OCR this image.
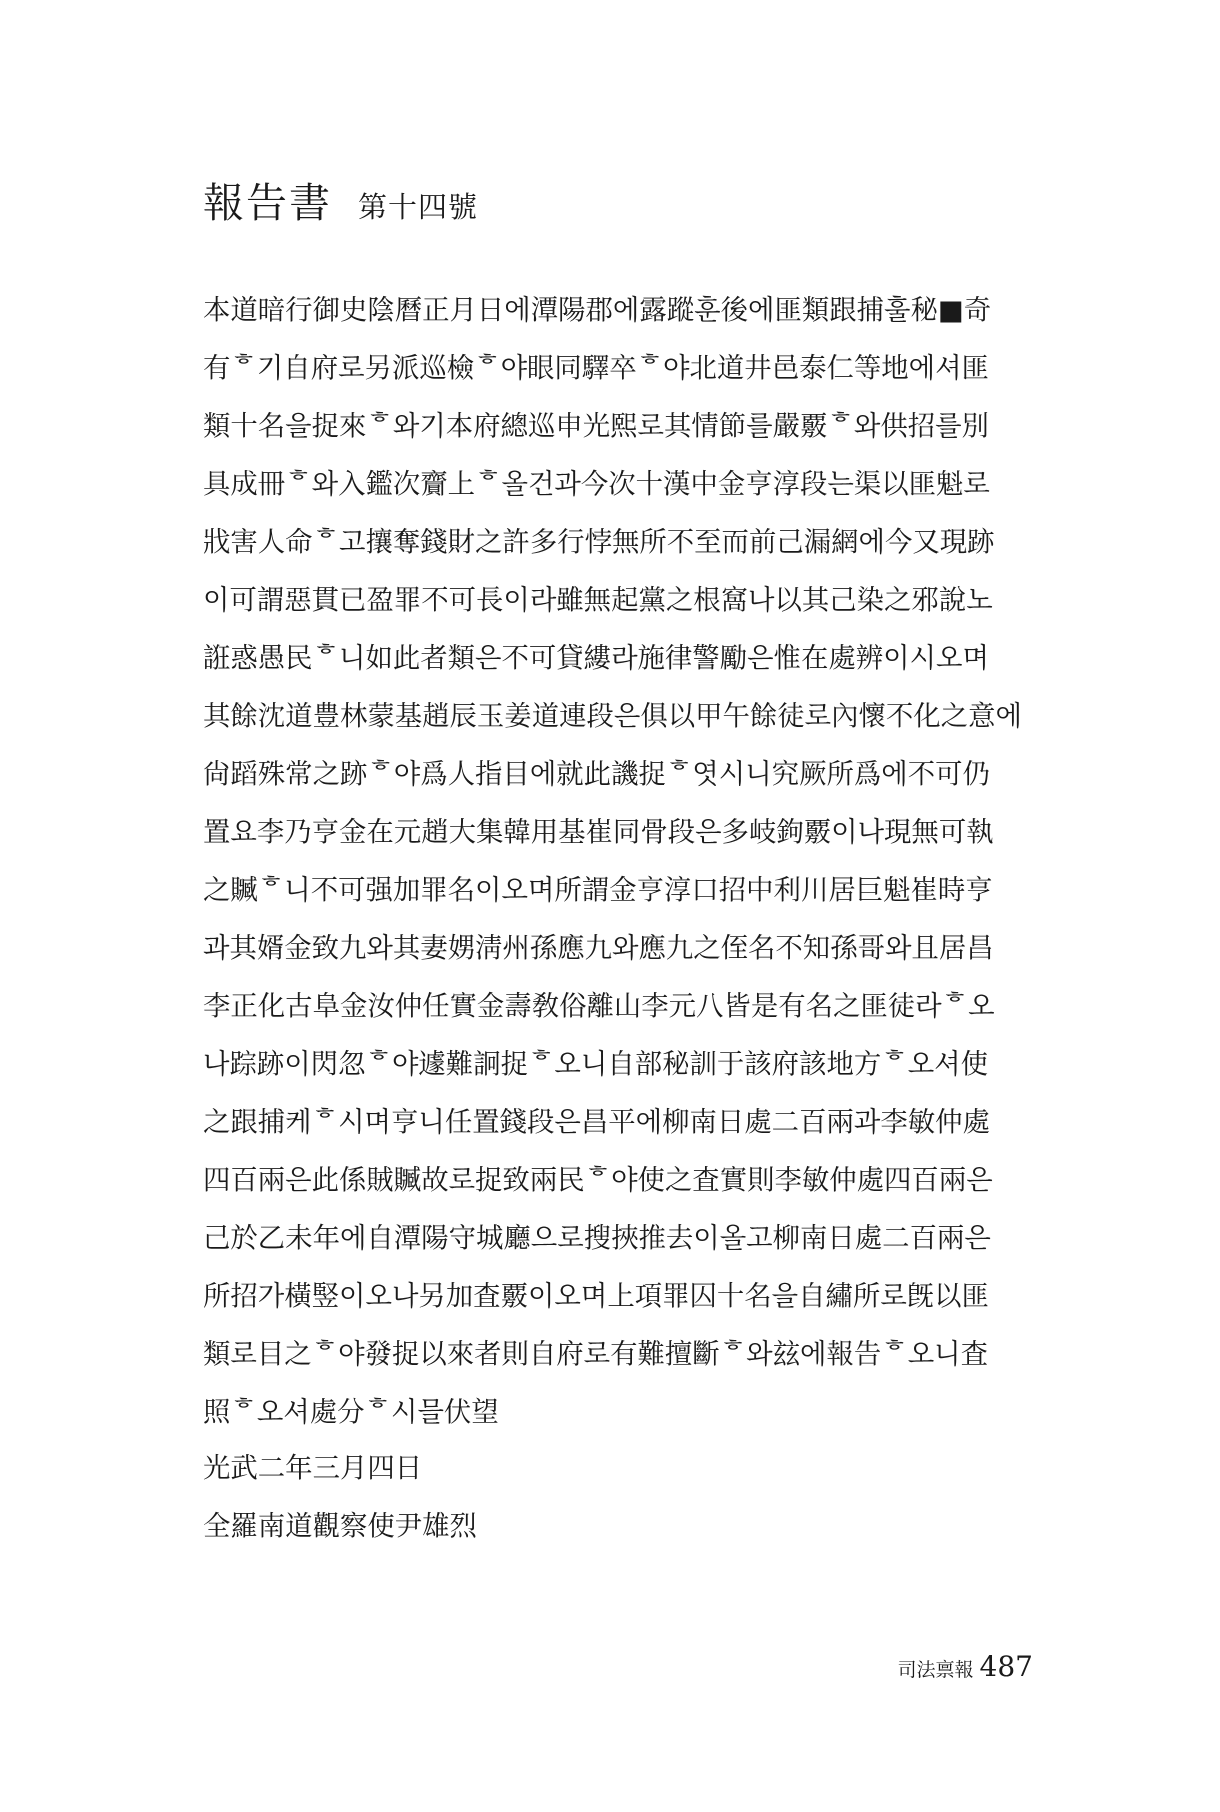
報告書 第十四號
本道暗行御史陰曆正月日에潭陽郡에露蹤훈後에匪類跟捕훌秘■奇
有ᄒ기自府로另派巡檢ᄒ야眼同驛卒ᄒ야北道井邑泰仁等地에셔匪
類十名을捉來ᄒ와기本府總巡申光熙로其情節를嚴覈ᄒ와供招를別
具成冊ᄒ와入鑑次齎上ᄒ올건과今次十漢中金亨淳段는渠以匪魁로
戕害人命ᄒ고攘奪錢財之許多行悖無所不至而前己漏網에今又現跡
이可謂惡貫已盈罪不可長이라雖無起黨之根窩나以其己染之邪說노
誑惑愚民ᄒ니如此者類은不可貸縷라施律警勵은惟在處辨이시오며
其餘沈道豊林蒙基趙辰玉姜道連段은俱以甲午餘徒로內懷不化之意에
尙蹈殊常之跡ᄒ야爲人指目에就此譏捉ᄒ엿시니究厥所爲에不可仍
置요李乃亨金在元趙大集韓用基崔同骨段은多岐鉤覈이나現無可執
之贓ᄒ니不可强加罪名이오며所謂金亨淳口招中利川居巨魁崔時亨
과其婿金致九와其妻娚淸州孫應九와應九之侄名不知孫哥와且居昌
李正化古阜金汝仲任實金壽敎俗離山李元八皆是有名之匪徒라ᄒ오
나踪跡이閃忽ᄒ야遽難詗捉ᄒ오니自部秘訓于該府該地方ᄒ오셔使
之跟捕케ᄒ시며亨니任置錢段은昌平에柳南日處二百兩과李敏仲處
四百兩은此係賊贓故로捉致兩民ᄒ야使之査實則李敏仲處四百兩은
己於乙未年에自潭陽守城廳으로搜挾推去이올고柳南日處二百兩은
所招가橫竪이오나另加査覈이오며上項罪囚十名을自繡所로旣以匪
類로目之ᄒ야發捉以來者則自府로有難擅斷ᄒ와玆에報告ᄒ오니査
照ᄒ오셔處分ᄒ시믈伏望
光武二年三月四日
全羅南道觀察使尹雄烈
司法禀報 487
